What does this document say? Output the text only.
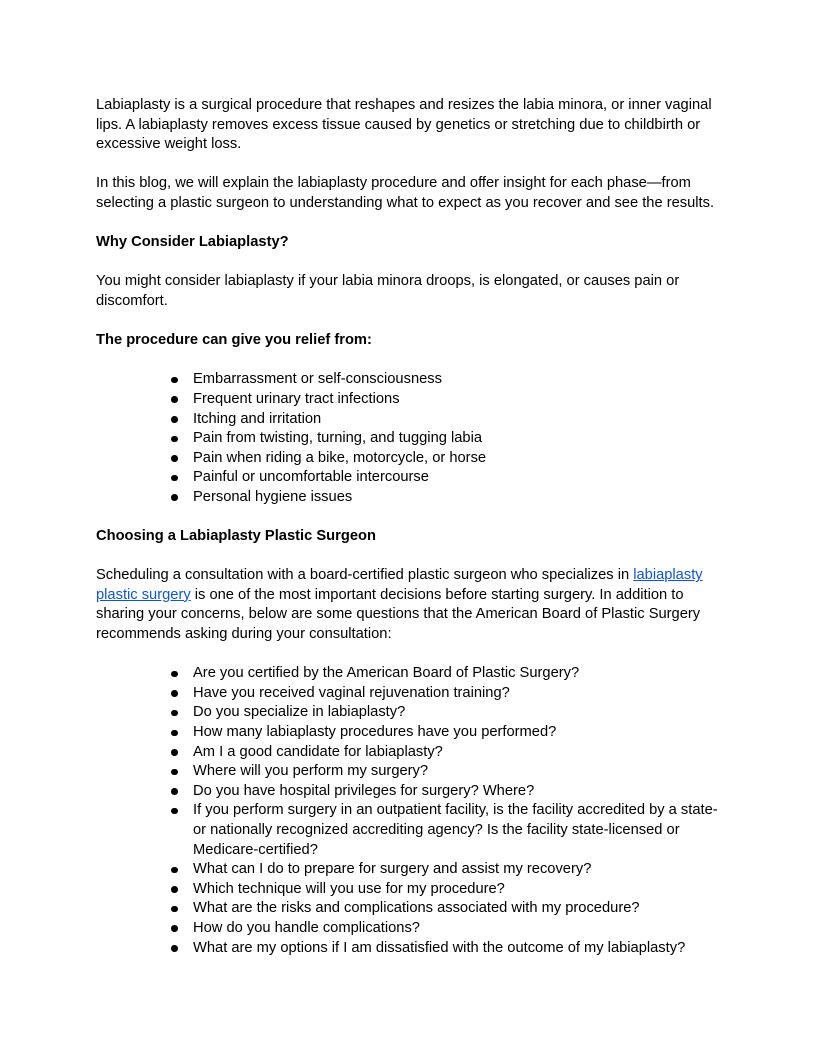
Labiaplasty is a surgical procedure that reshapes and resizes the labia minora, or inner vaginal lips. A labiaplasty removes excess tissue caused by genetics or stretching due to childbirth or excessive weight loss.

In this blog, we will explain the labiaplasty procedure and offer insight for each phase—from selecting a plastic surgeon to understanding what to expect as you recover and see the results.

Why Consider Labiaplasty?

You might consider labiaplasty if your labia minora droops, is elongated, or causes pain or discomfort.

The procedure can give you relief from:
Embarrassment or self-consciousness
Frequent urinary tract infections
Itching and irritation
Pain from twisting, turning, and tugging labia
Pain when riding a bike, motorcycle, or horse
Painful or uncomfortable intercourse
Personal hygiene issues
Choosing a Labiaplasty Plastic Surgeon

Scheduling a consultation with a board-certified plastic surgeon who specializes in labiaplasty plastic surgery is one of the most important decisions before starting surgery. In addition to sharing your concerns, below are some questions that the American Board of Plastic Surgery recommends asking during your consultation:

Are you certified by the American Board of Plastic Surgery?
Have you received vaginal rejuvenation training?
Do you specialize in labiaplasty?
How many labiaplasty procedures have you performed?
Am I a good candidate for labiaplasty?
Where will you perform my surgery?
Do you have hospital privileges for surgery? Where?
If you perform surgery in an outpatient facility, is the facility accredited by a state- or nationally recognized accrediting agency? Is the facility state-licensed or Medicare-certified?
What can I do to prepare for surgery and assist my recovery?
Which technique will you use for my procedure?
What are the risks and complications associated with my procedure?
How do you handle complications?
What are my options if I am dissatisfied with the outcome of my labiaplasty?
